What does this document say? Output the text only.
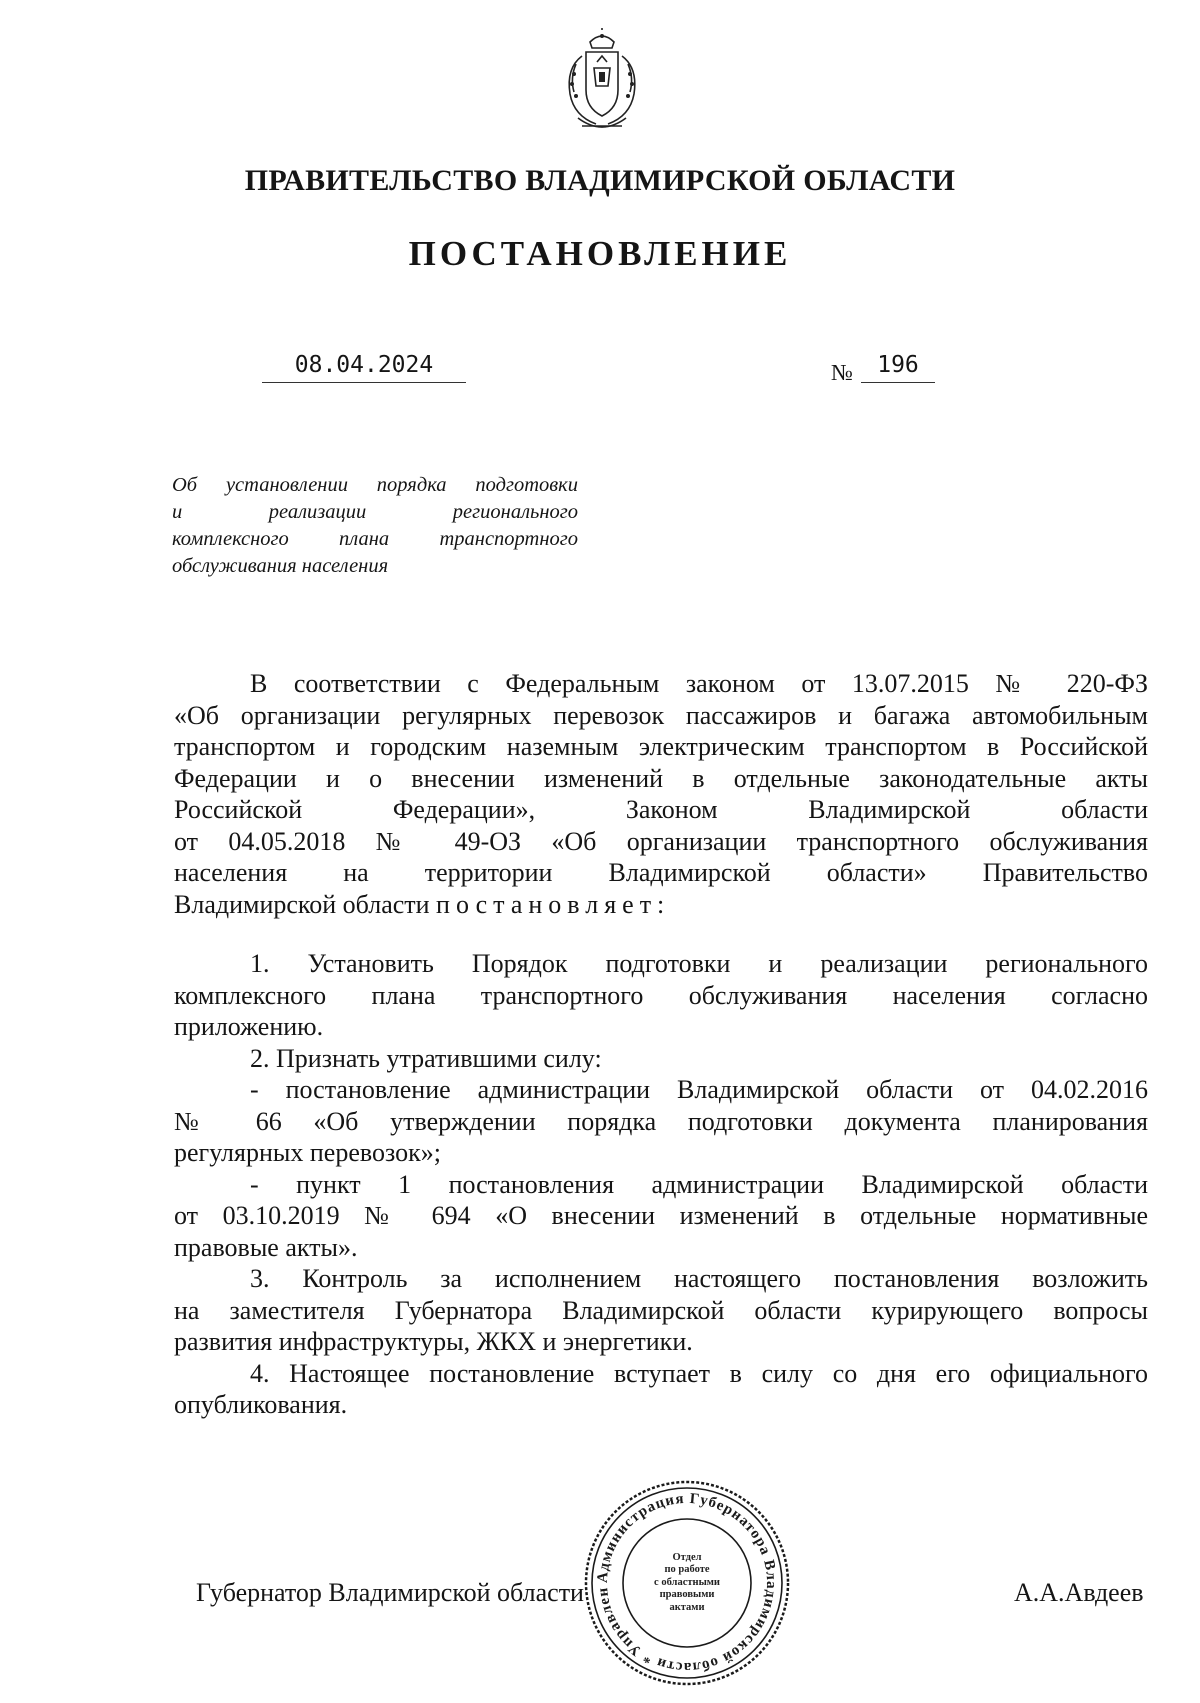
ПРАВИТЕЛЬСТВО ВЛАДИМИРСКОЙ ОБЛАСТИ
ПОСТАНОВЛЕНИЕ
08.04.2024	№	196
Об установлении порядка подготовки
и реализации регионального
комплексного плана транспортного
обслуживания населения
В соответствии с Федеральным законом от 13.07.2015 № 220-ФЗ
«Об организации регулярных перевозок пассажиров и багажа автомобильным
транспортом и городским наземным электрическим транспортом в Российской
Федерации и о внесении изменений в отдельные законодательные акты
Российской Федерации», Законом Владимирской области
от 04.05.2018 № 49-ОЗ «Об организации транспортного обслуживания
населения на территории Владимирской области» Правительство
Владимирской области постановляет:
1. Установить Порядок подготовки и реализации регионального
комплексного плана транспортного обслуживания населения согласно
приложению.
2. Признать утратившими силу:
- постановление администрации Владимирской области от 04.02.2016
№ 66 «Об утверждении порядка подготовки документа планирования
регулярных перевозок»;
- пункт 1 постановления администрации Владимирской области
от 03.10.2019 № 694 «О внесении изменений в отдельные нормативные
правовые акты».
3. Контроль за исполнением настоящего постановления возложить
на заместителя Губернатора Владимирской области курирующего вопросы
развития инфраструктуры, ЖКХ и энергетики.
4. Настоящее постановление вступает в силу со дня его официального
опубликования.
Губернатор Владимирской области	А.А.Авдеев
Администрация Губернатора Владимирской области * Управлен
Отдел
по работе
с областными
правовыми
актами
